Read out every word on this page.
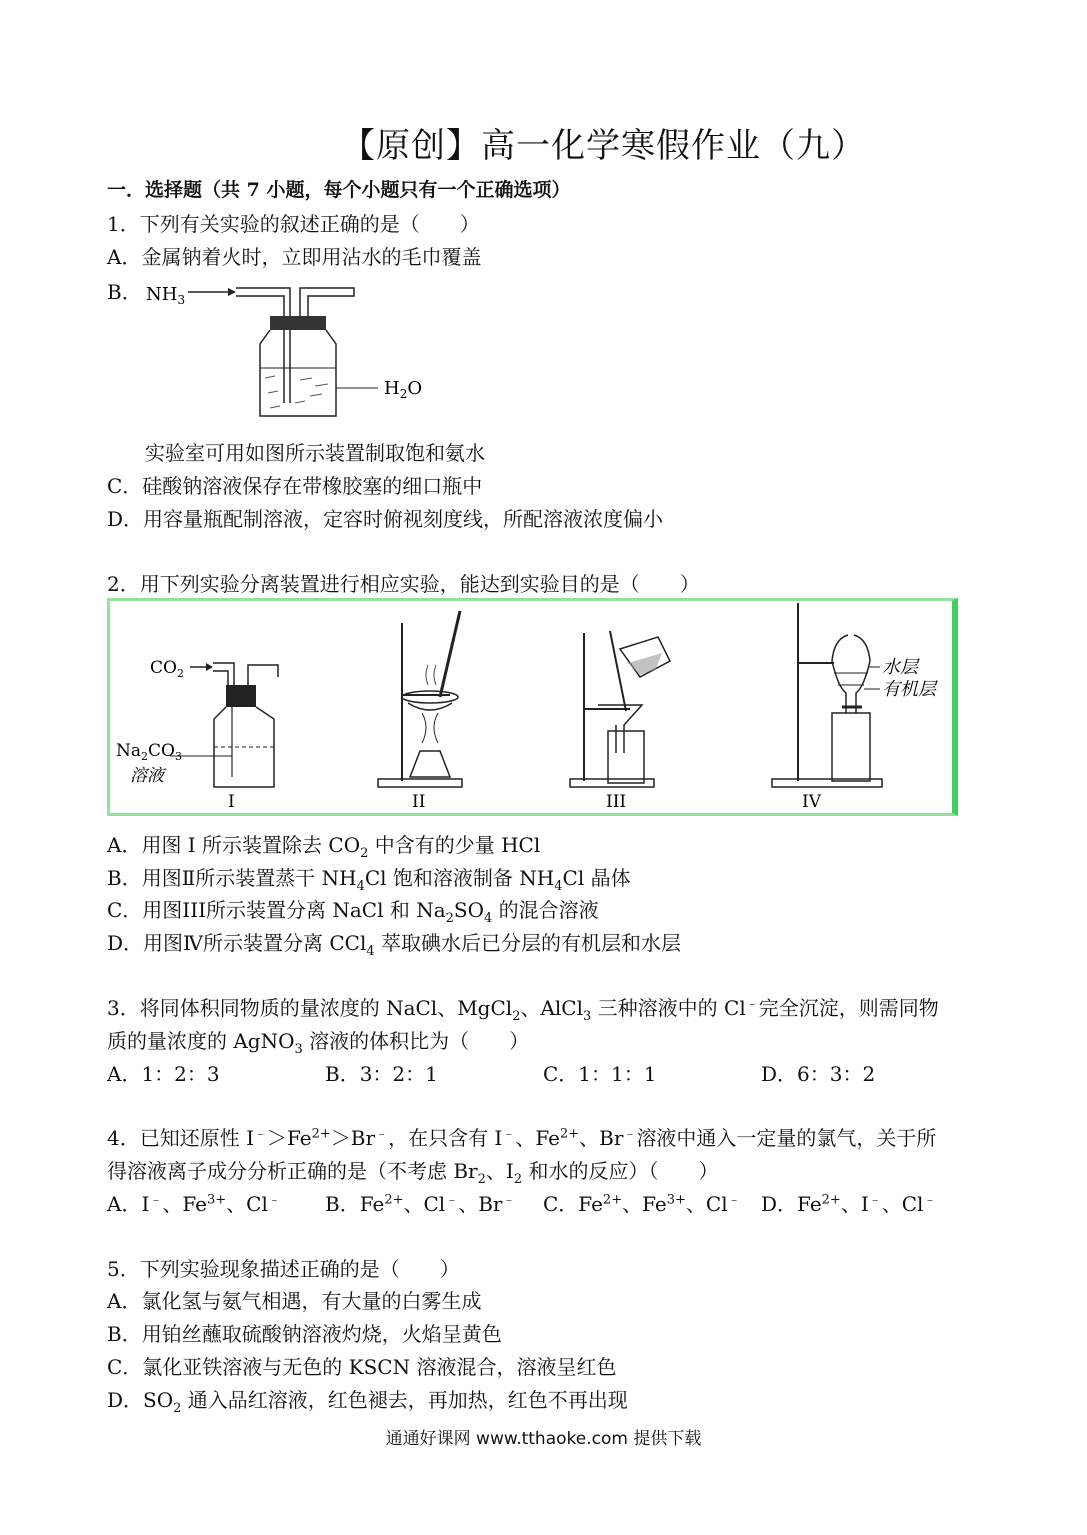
【原创】高一化学寒假作业（九）
一．选择题（共 7 小题，每个小题只有一个正确选项）
1．下列有关实验的叙述正确的是（　　）
A．金属钠着火时，立即用沾水的毛巾覆盖
B． $NH_3$
$H_2O$
实验室可用如图所示装置制取饱和氨水
C．硅酸钠溶液保存在带橡胶塞的细口瓶中
D．用容量瓶配制溶液，定容时俯视刻度线，所配溶液浓度偏小
2．用下列实验分离装置进行相应实验，能达到实验目的是（　　）
$CO_2$
$Na_2CO_3$
溶液
I	II	III
水层
有机层
IV
A．用图 I 所示装置除去 $CO_2$ 中含有的少量 HCl
B．用图Ⅱ所示装置蒸干 $NH_4Cl$ 饱和溶液制备 $NH_4Cl$ 晶体
C．用图III所示装置分离 NaCl 和 $Na_2SO_4$ 的混合溶液
D．用图Ⅳ所示装置分离 CCl$_4$ 萃取碘水后已分层的有机层和水层
3．将同体积同物质的量浓度的 NaCl、MgCl$_2$、AlCl$_3$ 三种溶液中的 Cl﹣完全沉淀，则需同物
质的量浓度的 AgNO$_3$ 溶液的体积比为（　　）
A．1：2：3	B．3：2：1	C．1：1：1	D．6：3：2
4．已知还原性 $I^﹣>Fe^{2+}>Br^﹣$，在只含有 I﹣、$Fe^{2+}$、Br﹣溶液中通入一定量的氯气，关于所
得溶液离子成分分析正确的是（不考虑 $Br_2$、$I_2$ 和水的反应）（　　）
A．I﹣、$Fe^{3+}$、Cl﹣ B．$Fe^{2+}$、Cl﹣、Br﹣ C．$Fe^{2+}$、$Fe^{3+}$、Cl﹣ D．$Fe^{2+}$、I﹣、Cl﹣
5．下列实验现象描述正确的是（　　）
A．氯化氢与氨气相遇，有大量的白雾生成
B．用铂丝蘸取硫酸钠溶液灼烧，火焰呈黄色
C．氯化亚铁溶液与无色的 KSCN 溶液混合，溶液呈红色
D．$SO_2$ 通入品红溶液，红色褪去，再加热，红色不再出现
通通好课网 www.tthaoke.com 提供下载
